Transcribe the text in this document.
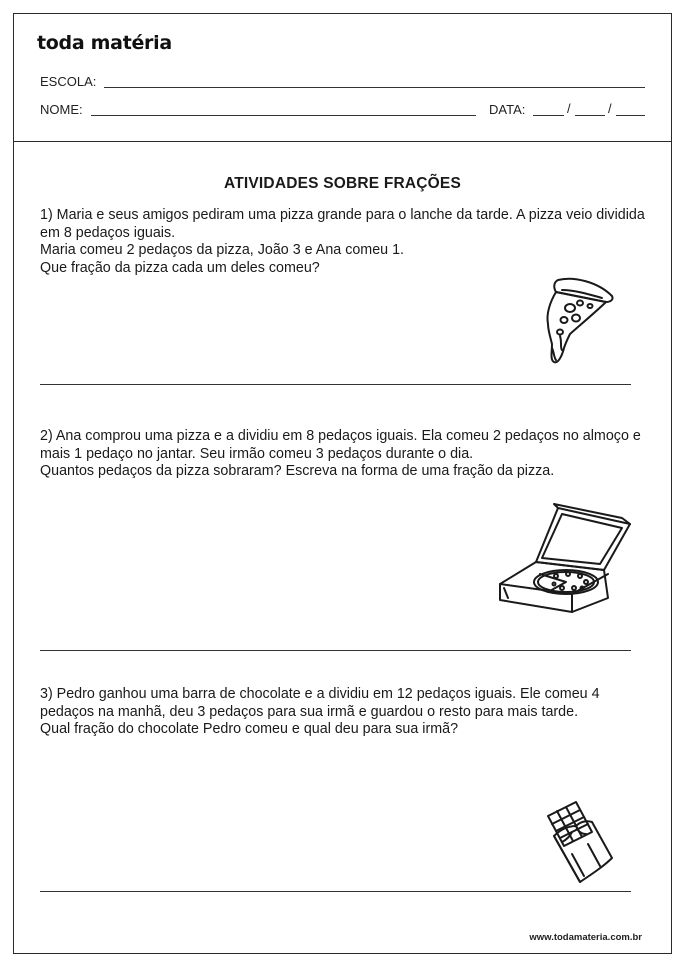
toda matéria
ESCOLA:
NOME:	DATA:	/	/
ATIVIDADES SOBRE FRAÇÕES

1) Maria e seus amigos pediram uma pizza grande para o lanche da tarde. A pizza veio dividida em 8 pedaços iguais.

Maria comeu 2 pedaços da pizza, João 3 e Ana comeu 1.

Que fração da pizza cada um deles comeu?

2) Ana comprou uma pizza e a dividiu em 8 pedaços iguais. Ela comeu 2 pedaços no almoço e mais 1 pedaço no jantar. Seu irmão comeu 3 pedaços durante o dia.

Quantos pedaços da pizza sobraram? Escreva na forma de uma fração da pizza.

3) Pedro ganhou uma barra de chocolate e a dividiu em 12 pedaços iguais. Ele comeu 4 pedaços na manhã, deu 3 pedaços para sua irmã e guardou o resto para mais tarde.

Qual fração do chocolate Pedro comeu e qual deu para sua irmã?

www.todamateria.com.br
